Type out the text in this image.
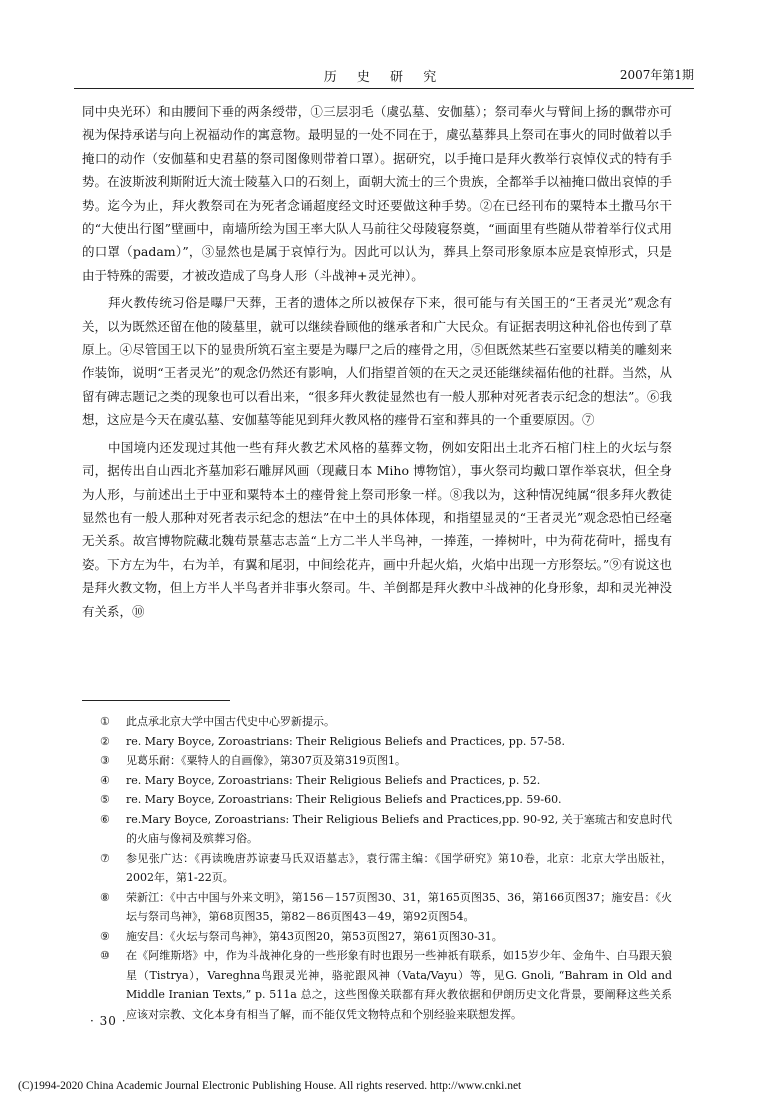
历 史 研 究	2007年第1期

同中央光环）和由腰间下垂的两条绶带，①三层羽毛（虞弘墓、安伽墓）；祭司奉火与臂间上扬的飘带亦可视为保持承诺与向上祝福动作的寓意物。最明显的一处不同在于，虞弘墓葬具上祭司在事火的同时做着以手掩口的动作（安伽墓和史君墓的祭司图像则带着口罩）。据研究，以手掩口是拜火教举行哀悼仪式的特有手势。在波斯波利斯附近大流士陵墓入口的石刻上，面朝大流士的三个贵族，全都举手以袖掩口做出哀悼的手势。迄今为止，拜火教祭司在为死者念诵超度经文时还要做这种手势。②在已经刊布的粟特本土撒马尔干的“大使出行图”壁画中，南墙所绘为国王率大队人马前往父母陵寝祭奠，“画面里有些随从带着举行仪式用的口罩（padam）”，③显然也是属于哀悼行为。因此可以认为，葬具上祭司形象原本应是哀悼形式，只是由于特殊的需要，才被改造成了鸟身人形（斗战神+灵光神）。

拜火教传统习俗是曝尸天葬，王者的遗体之所以被保存下来，很可能与有关国王的“王者灵光”观念有关，以为既然还留在他的陵墓里，就可以继续眷顾他的继承者和广大民众。有证据表明这种礼俗也传到了草原上。④尽管国王以下的显贵所筑石室主要是为曝尸之后的瘗骨之用，⑤但既然某些石室要以精美的雕刻来作装饰，说明“王者灵光”的观念仍然还有影响，人们指望首领的在天之灵还能继续福佑他的社群。当然，从留有碑志题记之类的现象也可以看出来，“很多拜火教徒显然也有一般人那种对死者表示纪念的想法”。⑥我想，这应是今天在虞弘墓、安伽墓等能见到拜火教风格的瘗骨石室和葬具的一个重要原因。⑦

中国境内还发现过其他一些有拜火教艺术风格的墓葬文物，例如安阳出土北齐石棺门柱上的火坛与祭司，据传出自山西北齐墓加彩石雕屏风画（现藏日本 Miho 博物馆），事火祭司均戴口罩作举哀状，但全身为人形，与前述出土于中亚和粟特本土的瘗骨瓮上祭司形象一样。⑧我以为，这种情况纯属“很多拜火教徒显然也有一般人那种对死者表示纪念的想法”在中土的具体体现，和指望显灵的“王者灵光”观念恐怕已经毫无关系。故宫博物院藏北魏苟景墓志志盖“上方二半人半鸟神，一捧莲，一捧树叶，中为荷花荷叶，摇曳有姿。下方左为牛，右为羊，有翼和尾羽，中间绘花卉，画中升起火焰，火焰中出现一方形祭坛。”⑨有说这也是拜火教文物，但上方半人半鸟者并非事火祭司。牛、羊倒都是拜火教中斗战神的化身形象，却和灵光神没有关系，⑩

①	此点承北京大学中国古代史中心罗新提示。
②	re. Mary Boyce, Zoroastrians: Their Religious Beliefs and Practices, pp. 57-58.
③	见葛乐耐：《粟特人的自画像》，第307页及第319页图1。
④	re. Mary Boyce, Zoroastrians: Their Religious Beliefs and Practices, p. 52.
⑤	re. Mary Boyce, Zoroastrians: Their Religious Beliefs and Practices,pp. 59-60.
⑥	re.Mary Boyce, Zoroastrians: Their Religious Beliefs and Practices,pp. 90-92, 关于塞琉古和安息时代的火庙与像祠及殡葬习俗。
⑦	参见张广达：《再读晚唐苏谅妻马氏双语墓志》，袁行霈主编：《国学研究》第10卷，北京：北京大学出版社，2002年，第1-22页。
⑧	荣新江：《中古中国与外来文明》，第156－157页图30、31，第165页图35、36，第166页图37；施安昌：《火坛与祭司鸟神》，第68页图35，第82－86页图43－49，第92页图54。
⑨	施安昌：《火坛与祭司鸟神》，第43页图20，第53页图27，第61页图30-31。
⑩	在《阿维斯塔》中，作为斗战神化身的一些形象有时也跟另一些神祇有联系，如15岁少年、金角牛、白马跟天狼星（Tistrya），Vareghna鸟跟灵光神，骆驼跟风神（Vata/Vayu）等，见G. Gnoli, “Bahram in Old and Middle Iranian Texts,” p. 511a 总之，这些图像关联都有拜火教依据和伊朗历史文化背景，要阐释这些关系应该对宗教、文化本身有相当了解，而不能仅凭文物特点和个别经验来联想发挥。
· 30 ·
(C)1994-2020 China Academic Journal Electronic Publishing House. All rights reserved. http://www.cnki.net
